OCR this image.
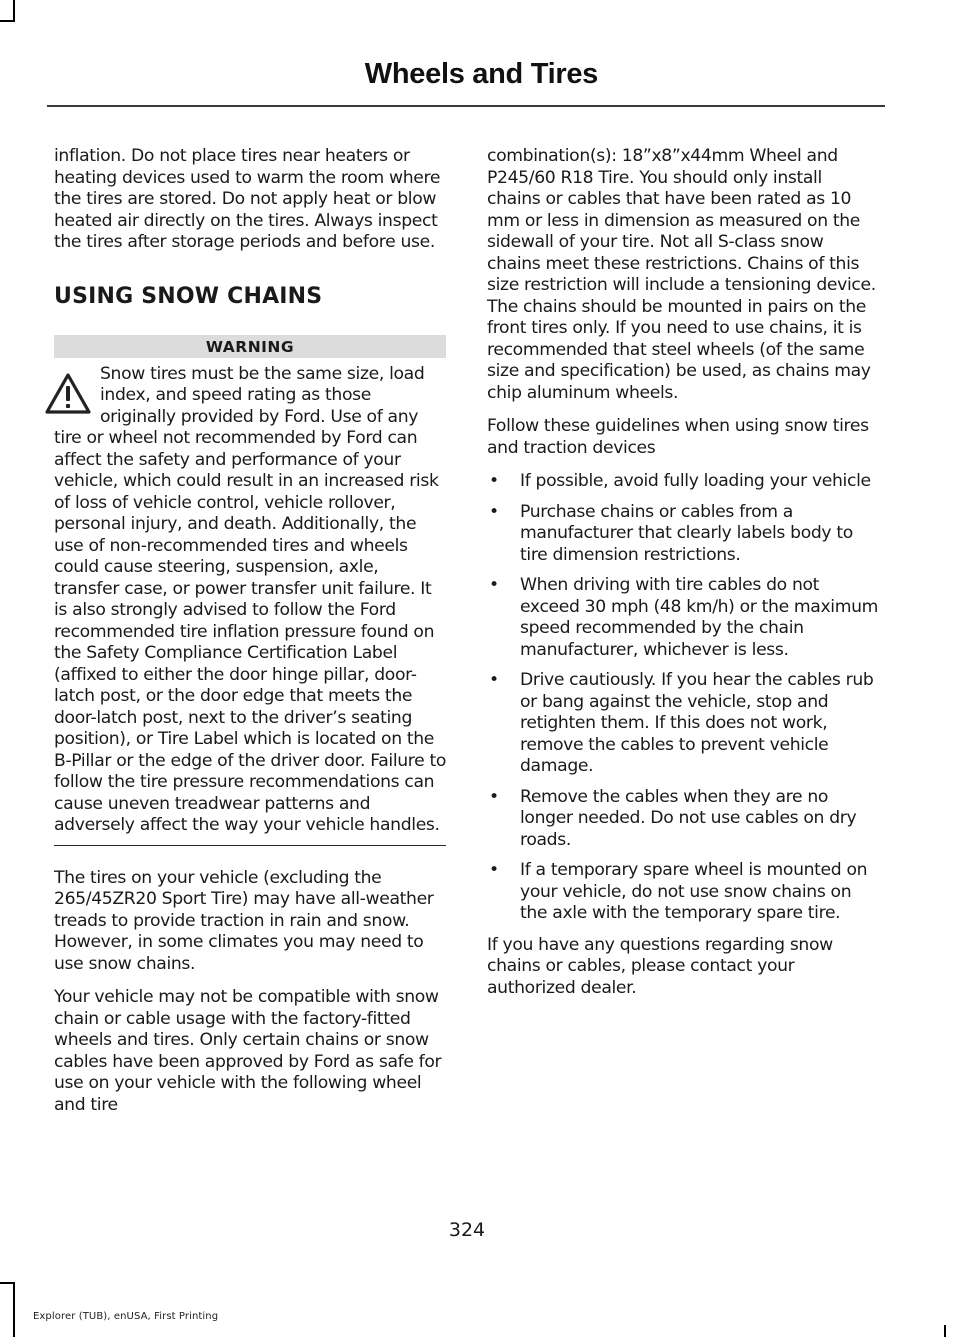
Wheels and Tires

inflation. Do not place tires near heaters or heating devices used to warm the room where the tires are stored. Do not apply heat or blow heated air directly on the tires. Always inspect the tires after storage periods and before use.

USING SNOW CHAINS
WARNING

Snow tires must be the same size, load index, and speed rating as those originally provided by Ford. Use of any tire or wheel not recommended by Ford can affect the safety and performance of your vehicle, which could result in an increased risk of loss of vehicle control, vehicle rollover, personal injury, and death. Additionally, the use of non-recommended tires and wheels could cause steering, suspension, axle, transfer case, or power transfer unit failure. It is also strongly advised to follow the Ford recommended tire inflation pressure found on the Safety Compliance Certification Label (affixed to either the door hinge pillar, door-latch post, or the door edge that meets the door-latch post, next to the driver’s seating position), or Tire Label which is located on the B-Pillar or the edge of the driver door. Failure to follow the tire pressure recommendations can cause uneven treadwear patterns and adversely affect the way your vehicle handles.

The tires on your vehicle (excluding the 265/45ZR20 Sport Tire) may have all-weather treads to provide traction in rain and snow. However, in some climates you may need to use snow chains.

Your vehicle may not be compatible with snow chain or cable usage with the factory-fitted wheels and tires. Only certain chains or snow cables have been approved by Ford as safe for use on your vehicle with the following wheel and tire

combination(s): 18”x8”x44mm Wheel and P245/60 R18 Tire. You should only install chains or cables that have been rated as 10 mm or less in dimension as measured on the sidewall of your tire. Not all S-class snow chains meet these restrictions. Chains of this size restriction will include a tensioning device. The chains should be mounted in pairs on the front tires only. If you need to use chains, it is recommended that steel wheels (of the same size and specification) be used, as chains may chip aluminum wheels.

Follow these guidelines when using snow tires and traction devices

• If possible, avoid fully loading your vehicle
• Purchase chains or cables from a manufacturer that clearly labels body to tire dimension restrictions.
• When driving with tire cables do not exceed 30 mph (48 km/h) or the maximum speed recommended by the chain manufacturer, whichever is less.
• Drive cautiously. If you hear the cables rub or bang against the vehicle, stop and retighten them. If this does not work, remove the cables to prevent vehicle damage.
• Remove the cables when they are no longer needed. Do not use cables on dry roads.
• If a temporary spare wheel is mounted on your vehicle, do not use snow chains on the axle with the temporary spare tire.

If you have any questions regarding snow chains or cables, please contact your authorized dealer.

324
Explorer (TUB), enUSA, First Printing
